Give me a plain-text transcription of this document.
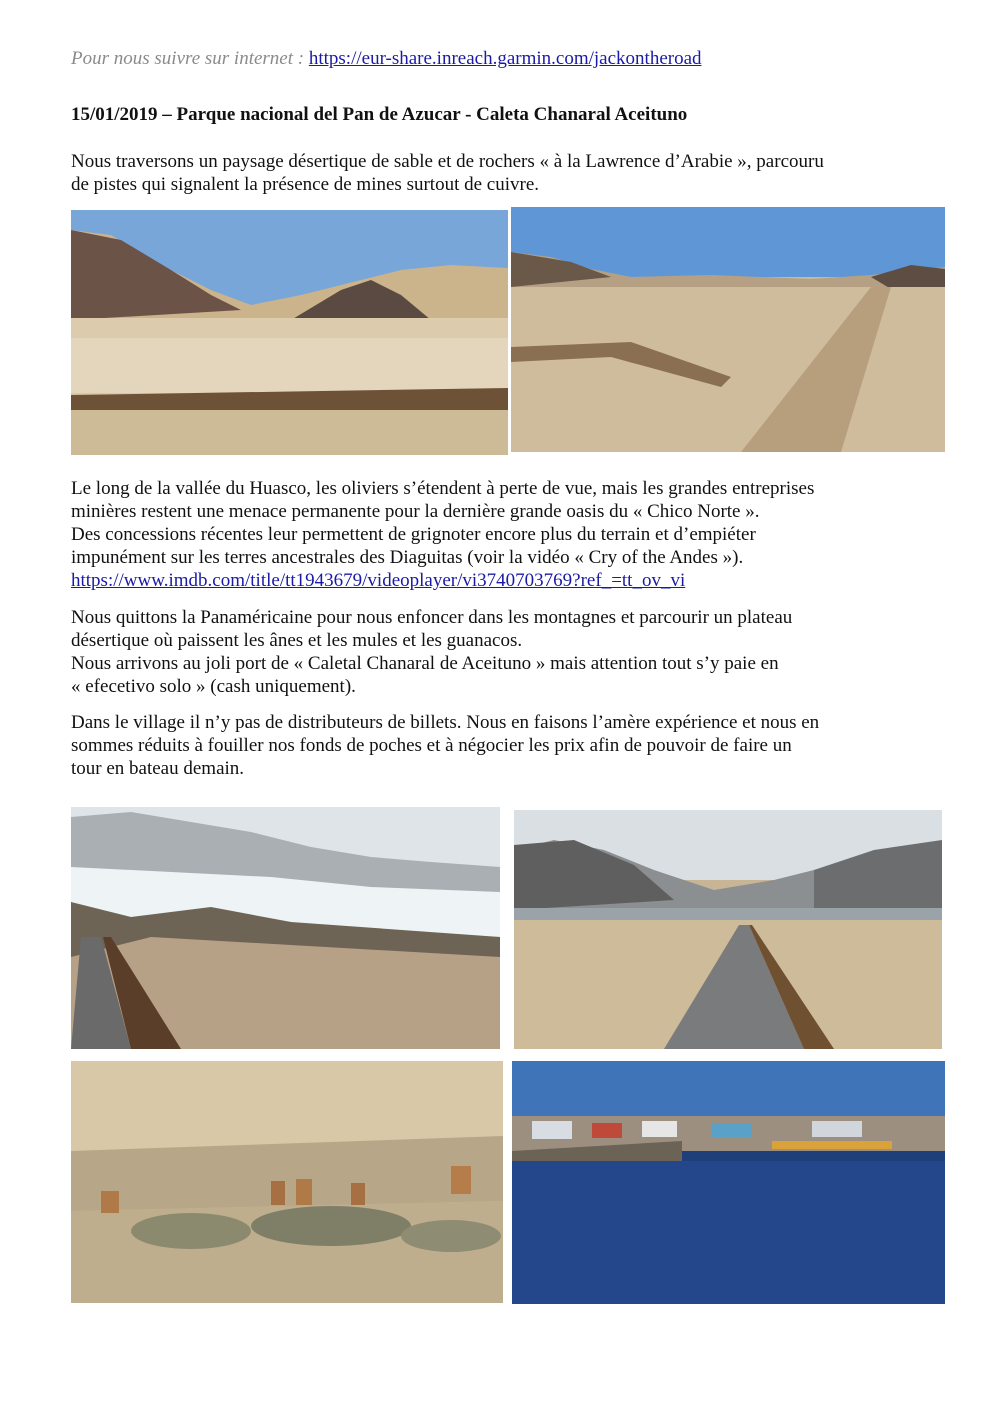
Pour nous suivre sur internet : https://eur-share.inreach.garmin.com/jackontheroad

15/01/2019 – Parque nacional del Pan de Azucar - Caleta Chanaral Aceituno

Nous traversons un paysage désertique de sable et de rochers « à la Lawrence d’Arabie », parcouru
de pistes qui signalent la présence de mines surtout de cuivre.
Le long de la vallée du Huasco, les oliviers s’étendent à perte de vue, mais les grandes entreprises
minières restent une menace permanente pour la dernière grande oasis du « Chico Norte ».
Des concessions récentes leur permettent de grignoter encore plus du terrain et d’empiéter
impunément sur les terres ancestrales des Diaguitas (voir la vidéo « Cry of the Andes »).
https://www.imdb.com/title/tt1943679/videoplayer/vi3740703769?ref_=tt_ov_vi
Nous quittons la Panaméricaine pour nous enfoncer dans les montagnes et parcourir un plateau
désertique où paissent les ânes et les mules et les guanacos.
Nous arrivons au joli port de « Caletal Chanaral de Aceituno » mais attention tout s’y paie en
« efecetivo solo » (cash uniquement).
Dans le village il n’y pas de distributeurs de billets. Nous en faisons l’amère expérience et nous en
sommes réduits à fouiller nos fonds de poches et à négocier les prix afin de pouvoir de faire un
tour en bateau demain.
